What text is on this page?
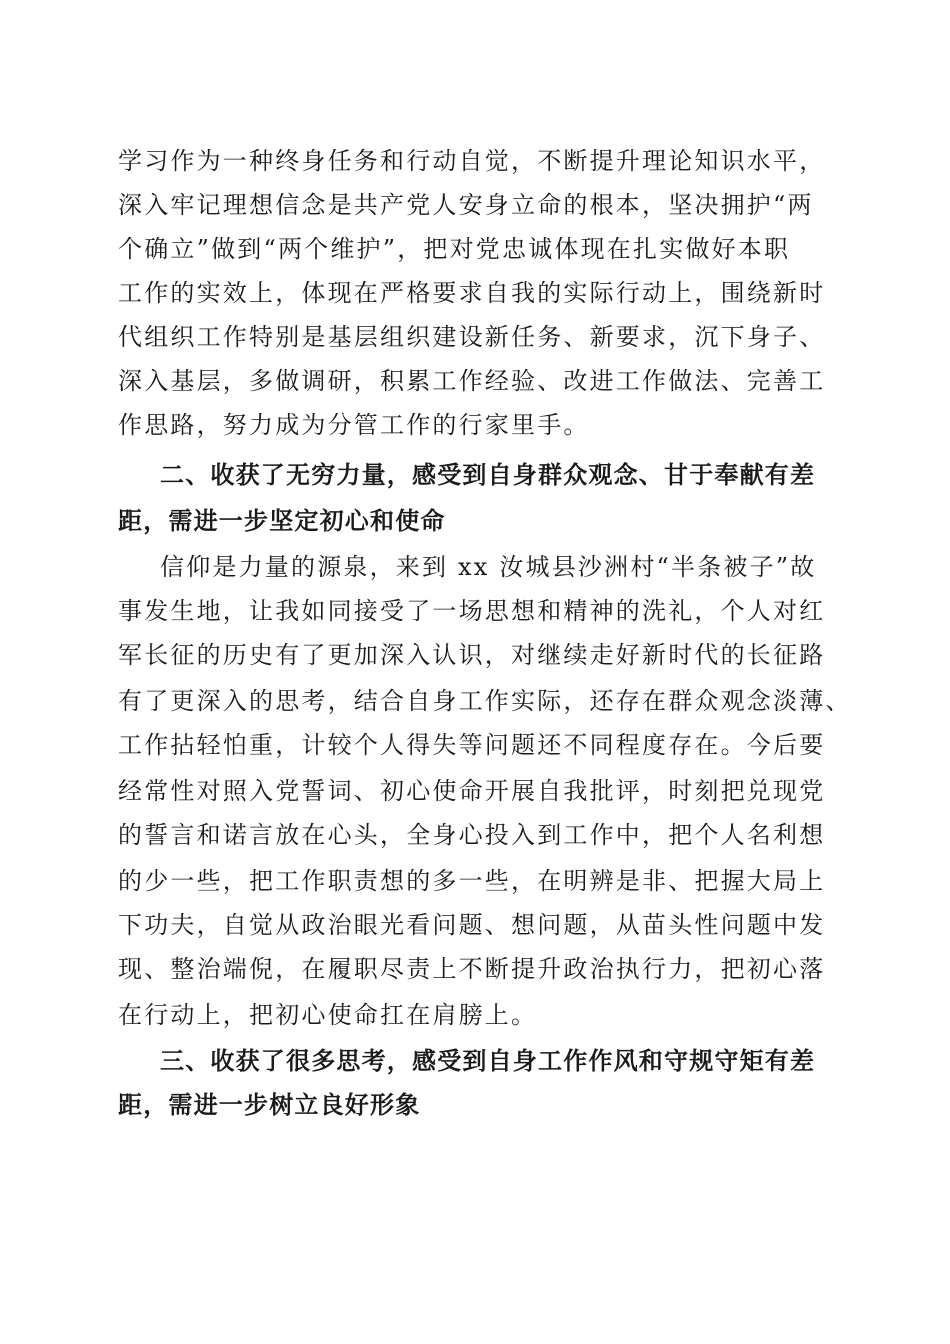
学习作为一种终身任务和行动自觉，不断提升理论知识水平，
深入牢记理想信念是共产党人安身立命的根本，坚决拥护“两
个确立”做到“两个维护”，把对党忠诚体现在扎实做好本职
工作的实效上，体现在严格要求自我的实际行动上，围绕新时
代组织工作特别是基层组织建设新任务、新要求，沉下身子、
深入基层，多做调研，积累工作经验、改进工作做法、完善工
作思路，努力成为分管工作的行家里手。
二、收获了无穷力量，感受到自身群众观念、甘于奉献有差
距，需进一步坚定初心和使命
信仰是力量的源泉，来到 xx 汝城县沙洲村“半条被子”故
事发生地，让我如同接受了一场思想和精神的洗礼，个人对红
军长征的历史有了更加深入认识，对继续走好新时代的长征路
有了更深入的思考，结合自身工作实际，还存在群众观念淡薄、
工作拈轻怕重，计较个人得失等问题还不同程度存在。今后要
经常性对照入党誓词、初心使命开展自我批评，时刻把兑现党
的誓言和诺言放在心头，全身心投入到工作中，把个人名利想
的少一些，把工作职责想的多一些，在明辨是非、把握大局上
下功夫，自觉从政治眼光看问题、想问题，从苗头性问题中发
现、整治端倪，在履职尽责上不断提升政治执行力，把初心落
在行动上，把初心使命扛在肩膀上。
三、收获了很多思考，感受到自身工作作风和守规守矩有差
距，需进一步树立良好形象
